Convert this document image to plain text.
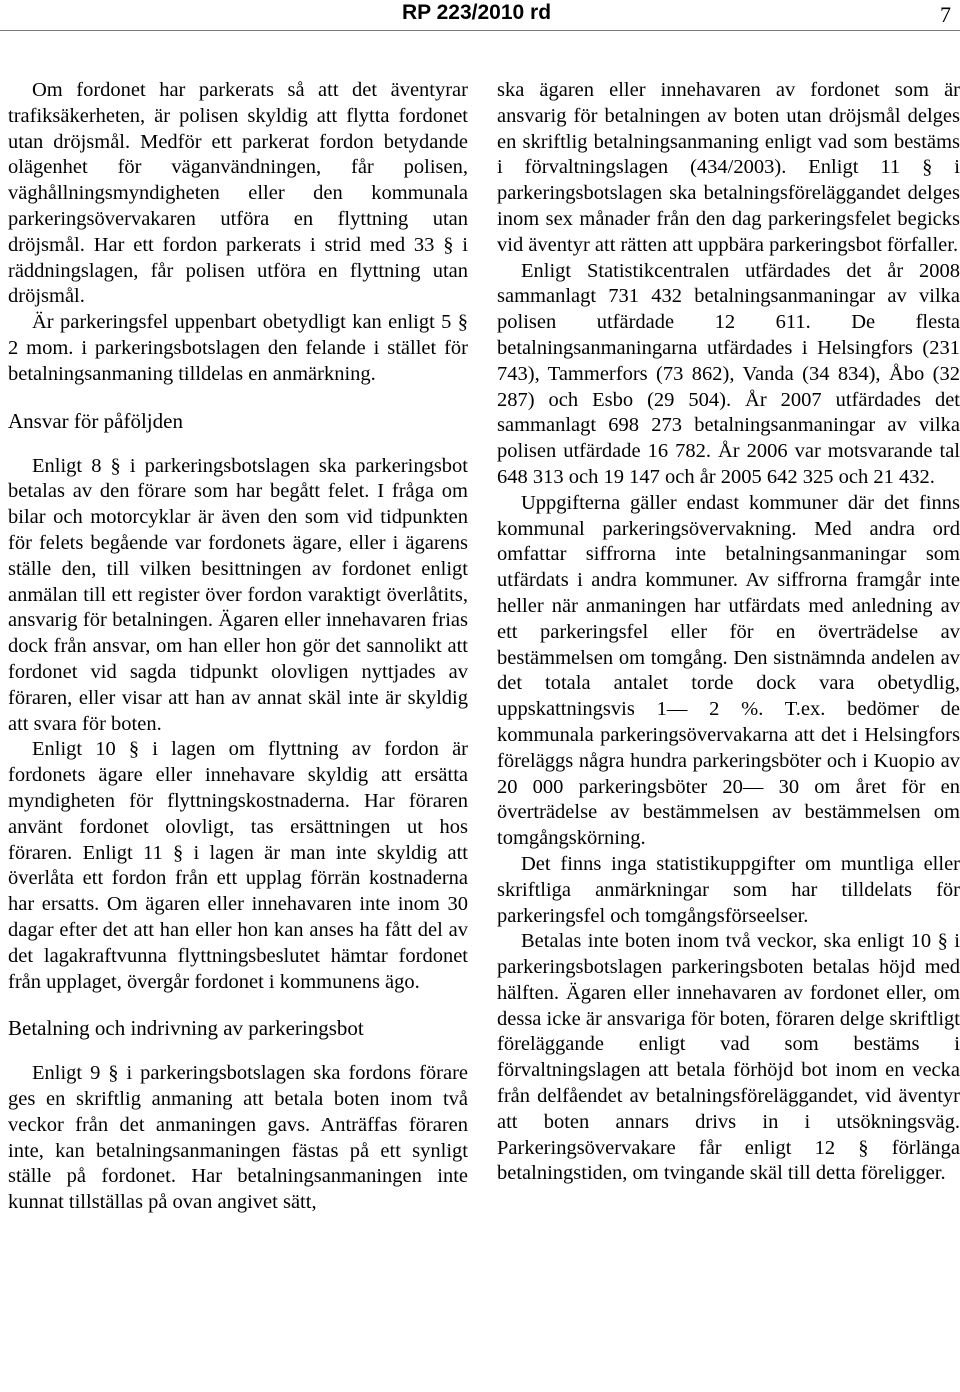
RP 223/2010 rd	7

Om fordonet har parkerats så att det äventyrar trafiksäkerheten, är polisen skyldig att flytta fordonet utan dröjsmål. Medför ett parkerat fordon betydande olägenhet för väganvändningen, får polisen, väghållningsmyndigheten eller den kommunala parkeringsövervakaren utföra en flyttning utan dröjsmål. Har ett fordon parkerats i strid med 33 § i räddningslagen, får polisen utföra en flyttning utan dröjsmål.

Är parkeringsfel uppenbart obetydligt kan enligt 5 § 2 mom. i parkeringsbotslagen den felande i stället för betalningsanmaning tilldelas en anmärkning.

Ansvar för påföljden

Enligt 8 § i parkeringsbotslagen ska parkeringsbot betalas av den förare som har begått felet. I fråga om bilar och motorcyklar är även den som vid tidpunkten för felets begående var fordonets ägare, eller i ägarens ställe den, till vilken besittningen av fordonet enligt anmälan till ett register över fordon varaktigt överlåtits, ansvarig för betalningen. Ägaren eller innehavaren frias dock från ansvar, om han eller hon gör det sannolikt att fordonet vid sagda tidpunkt olovligen nyttjades av föraren, eller visar att han av annat skäl inte är skyldig att svara för boten.

Enligt 10 § i lagen om flyttning av fordon är fordonets ägare eller innehavare skyldig att ersätta myndigheten för flyttningskostnaderna. Har föraren använt fordonet olovligt, tas ersättningen ut hos föraren. Enligt 11 § i lagen är man inte skyldig att överlåta ett fordon från ett upplag förrän kostnaderna har ersatts. Om ägaren eller innehavaren inte inom 30 dagar efter det att han eller hon kan anses ha fått del av det lagakraftvunna flyttningsbeslutet hämtar fordonet från upplaget, övergår fordonet i kommunens ägo.

Betalning och indrivning av parkeringsbot

Enligt 9 § i parkeringsbotslagen ska fordons förare ges en skriftlig anmaning att betala boten inom två veckor från det anmaningen gavs. Anträffas föraren inte, kan betalningsanmaningen fästas på ett synligt ställe på fordonet. Har betalningsanmaningen inte kunnat tillställas på ovan angivet sätt,

ska ägaren eller innehavaren av fordonet som är ansvarig för betalningen av boten utan dröjsmål delges en skriftlig betalningsanmaning enligt vad som bestäms i förvaltningslagen (434/2003). Enligt 11 § i parkeringsbotslagen ska betalningsföreläggandet delges inom sex månader från den dag parkeringsfelet begicks vid äventyr att rätten att uppbära parkeringsbot förfaller.

Enligt Statistikcentralen utfärdades det år 2008 sammanlagt 731 432 betalningsanmaningar av vilka polisen utfärdade 12 611. De flesta betalningsanmaningarna utfärdades i Helsingfors (231 743), Tammerfors (73 862), Vanda (34 834), Åbo (32 287) och Esbo (29 504). År 2007 utfärdades det sammanlagt 698 273 betalningsanmaningar av vilka polisen utfärdade 16 782. År 2006 var motsvarande tal 648 313 och 19 147 och år 2005 642 325 och 21 432.

Uppgifterna gäller endast kommuner där det finns kommunal parkeringsövervakning. Med andra ord omfattar siffrorna inte betalningsanmaningar som utfärdats i andra kommuner. Av siffrorna framgår inte heller när anmaningen har utfärdats med anledning av ett parkeringsfel eller för en överträdelse av bestämmelsen om tomgång. Den sistnämnda andelen av det totala antalet torde dock vara obetydlig, uppskattningsvis 1— 2 %. T.ex. bedömer de kommunala parkeringsövervakarna att det i Helsingfors föreläggs några hundra parkeringsböter och i Kuopio av 20 000 parkeringsböter 20— 30 om året för en överträdelse av bestämmelsen av bestämmelsen om tomgångskörning.

Det finns inga statistikuppgifter om muntliga eller skriftliga anmärkningar som har tilldelats för parkeringsfel och tomgångsförseelser.

Betalas inte boten inom två veckor, ska enligt 10 § i parkeringsbotslagen parkeringsboten betalas höjd med hälften. Ägaren eller innehavaren av fordonet eller, om dessa icke är ansvariga för boten, föraren delge skriftligt föreläggande enligt vad som bestäms i förvaltningslagen att betala förhöjd bot inom en vecka från delfåendet av betalningsföreläggandet, vid äventyr att boten annars drivs in i utsökningsväg. Parkeringsövervakare får enligt 12 § förlänga betalningstiden, om tvingande skäl till detta föreligger.
